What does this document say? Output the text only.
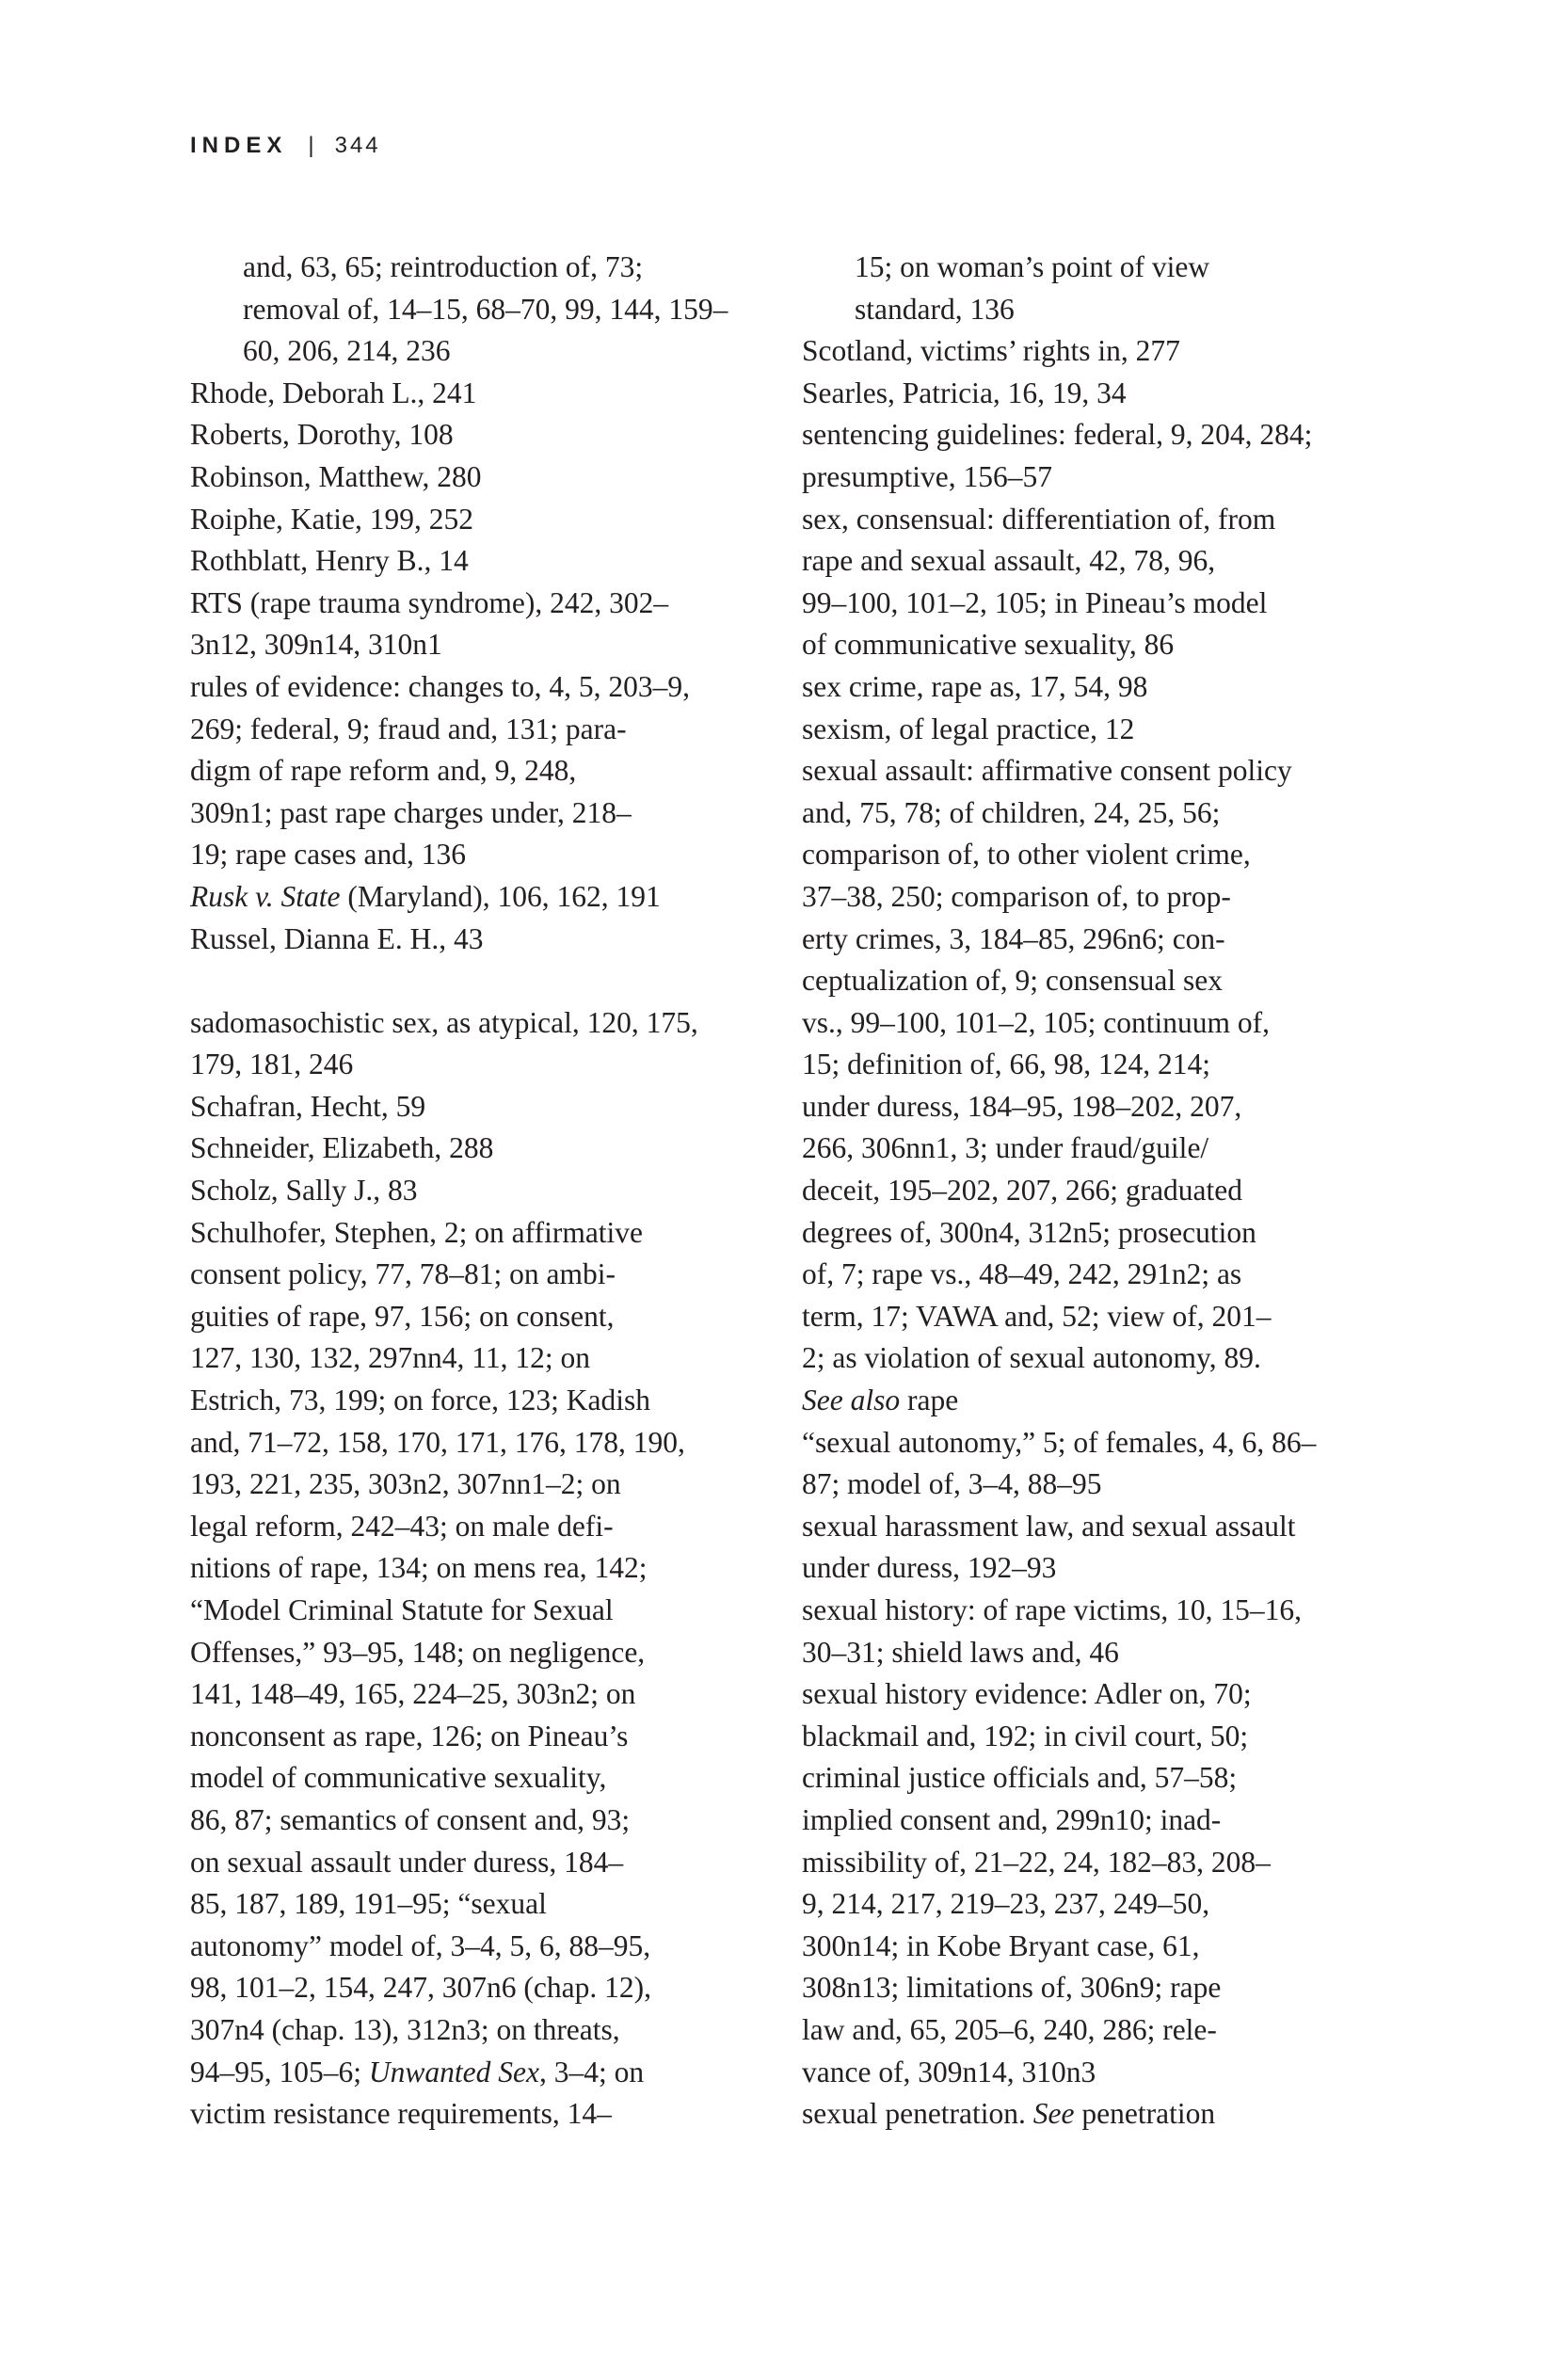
INDEX | 344
and, 63, 65; reintroduction of, 73;
removal of, 14–15, 68–70, 99, 144, 159–
60, 206, 214, 236
Rhode, Deborah L., 241
Roberts, Dorothy, 108
Robinson, Matthew, 280
Roiphe, Katie, 199, 252
Rothblatt, Henry B., 14
RTS (rape trauma syndrome), 242, 302–
3n12, 309n14, 310n1
rules of evidence: changes to, 4, 5, 203–9,
269; federal, 9; fraud and, 131; para-
digm of rape reform and, 9, 248,
309n1; past rape charges under, 218–
19; rape cases and, 136
Rusk v. State (Maryland), 106, 162, 191
Russel, Dianna E. H., 43
sadomasochistic sex, as atypical, 120, 175,
179, 181, 246
Schafran, Hecht, 59
Schneider, Elizabeth, 288
Scholz, Sally J., 83
Schulhofer, Stephen, 2; on affirmative
consent policy, 77, 78–81; on ambi-
guities of rape, 97, 156; on consent,
127, 130, 132, 297nn4, 11, 12; on
Estrich, 73, 199; on force, 123; Kadish
and, 71–72, 158, 170, 171, 176, 178, 190,
193, 221, 235, 303n2, 307nn1–2; on
legal reform, 242–43; on male defi-
nitions of rape, 134; on mens rea, 142;
“Model Criminal Statute for Sexual
Offenses,” 93–95, 148; on negligence,
141, 148–49, 165, 224–25, 303n2; on
nonconsent as rape, 126; on Pineau’s
model of communicative sexuality,
86, 87; semantics of consent and, 93;
on sexual assault under duress, 184–
85, 187, 189, 191–95; “sexual
autonomy” model of, 3–4, 5, 6, 88–95,
98, 101–2, 154, 247, 307n6 (chap. 12),
307n4 (chap. 13), 312n3; on threats,
94–95, 105–6; Unwanted Sex, 3–4; on
victim resistance requirements, 14–
15; on woman’s point of view
standard, 136
Scotland, victims’ rights in, 277
Searles, Patricia, 16, 19, 34
sentencing guidelines: federal, 9, 204, 284;
presumptive, 156–57
sex, consensual: differentiation of, from
rape and sexual assault, 42, 78, 96,
99–100, 101–2, 105; in Pineau’s model
of communicative sexuality, 86
sex crime, rape as, 17, 54, 98
sexism, of legal practice, 12
sexual assault: affirmative consent policy
and, 75, 78; of children, 24, 25, 56;
comparison of, to other violent crime,
37–38, 250; comparison of, to prop-
erty crimes, 3, 184–85, 296n6; con-
ceptualization of, 9; consensual sex
vs., 99–100, 101–2, 105; continuum of,
15; definition of, 66, 98, 124, 214;
under duress, 184–95, 198–202, 207,
266, 306nn1, 3; under fraud/guile/
deceit, 195–202, 207, 266; graduated
degrees of, 300n4, 312n5; prosecution
of, 7; rape vs., 48–49, 242, 291n2; as
term, 17; VAWA and, 52; view of, 201–
2; as violation of sexual autonomy, 89.
See also rape
“sexual autonomy,” 5; of females, 4, 6, 86–
87; model of, 3–4, 88–95
sexual harassment law, and sexual assault
under duress, 192–93
sexual history: of rape victims, 10, 15–16,
30–31; shield laws and, 46
sexual history evidence: Adler on, 70;
blackmail and, 192; in civil court, 50;
criminal justice officials and, 57–58;
implied consent and, 299n10; inad-
missibility of, 21–22, 24, 182–83, 208–
9, 214, 217, 219–23, 237, 249–50,
300n14; in Kobe Bryant case, 61,
308n13; limitations of, 306n9; rape
law and, 65, 205–6, 240, 286; rele-
vance of, 309n14, 310n3
sexual penetration. See penetration
